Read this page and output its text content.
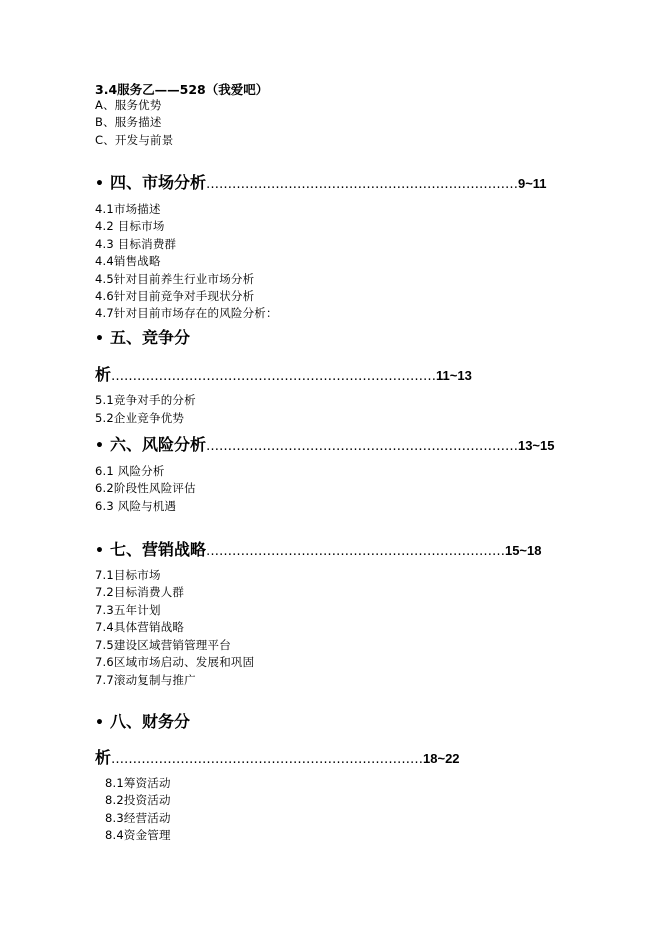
3.4服务乙——528（我爱吧）
A、服务优势
B、服务描述
C、开发与前景
• 四、市场分析………………………………………………………………9~11
4.1市场描述
4.2 目标市场
4.3 目标消费群
4.4销售战略
4.5针对目前养生行业市场分析
4.6针对目前竞争对手现状分析
4.7针对目前市场存在的风险分析：
• 五、竞争分
析…………………………………………………………………11~13
5.1竞争对手的分析
5.2企业竞争优势
• 六、风险分析………………………………………………………………13~15
6.1 风险分析
6.2阶段性风险评估
6.3 风险与机遇
• 七、营销战略……………………………………………………………15~18
7.1目标市场
7.2目标消费人群
7.3五年计划
7.4具体营销战略
7.5建设区域营销管理平台
7.6区域市场启动、发展和巩固
7.7滚动复制与推广
• 八、财务分
析………………………………………………………………18~22
8.1筹资活动
8.2投资活动
8.3经营活动
8.4资金管理
